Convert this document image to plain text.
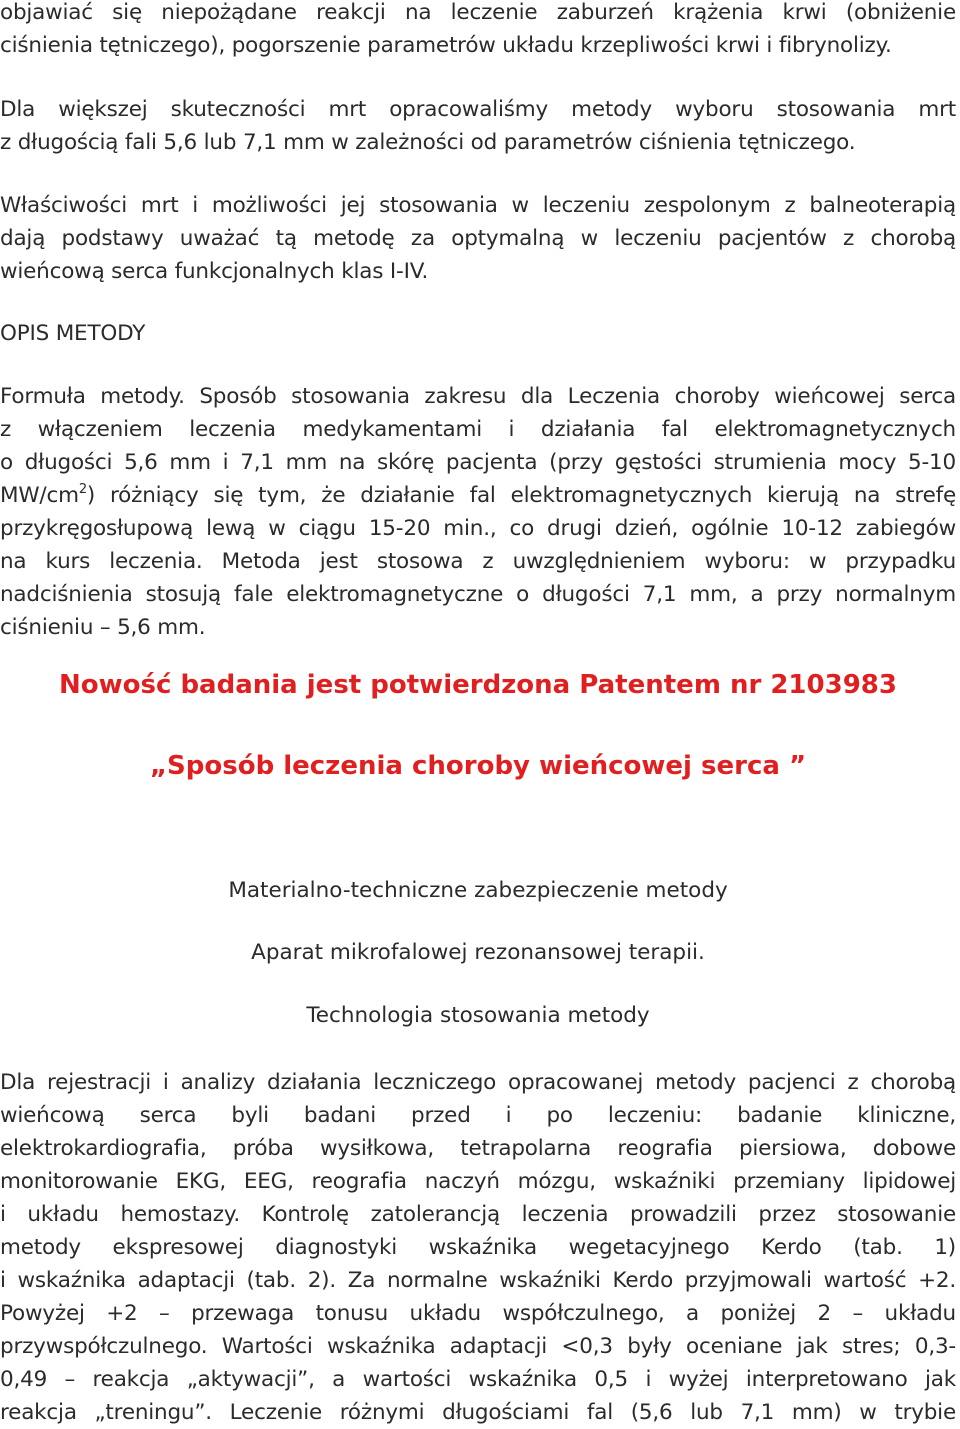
objawiać się niepożądane reakcji na leczenie zaburzeń krążenia krwi (obniżenie
ciśnienia tętniczego), pogorszenie parametrów układu krzepliwości krwi i fibrynolizy.
Dla większej skuteczności mrt opracowaliśmy metody wyboru stosowania mrt
z długością fali 5,6 lub 7,1 mm w zależności od parametrów ciśnienia tętniczego.
Właściwości mrt i możliwości jej stosowania w leczeniu zespolonym z balneoterapią
dają podstawy uważać tą metodę za optymalną w leczeniu pacjentów z chorobą
wieńcową serca funkcjonalnych klas I-IV.
OPIS METODY
Formuła metody. Sposób stosowania zakresu dla Leczenia choroby wieńcowej serca
z włączeniem leczenia medykamentami i działania fal elektromagnetycznych
o długości 5,6 mm i 7,1 mm na skórę pacjenta (przy gęstości strumienia mocy 5-10
$MW/cm^2$) różniący się tym, że działanie fal elektromagnetycznych kierują na strefę
przykręgosłupową lewą w ciągu 15-20 min., co drugi dzień, ogólnie 10-12 zabiegów
na kurs leczenia. Metoda jest stosowa z uwzględnieniem wyboru: w przypadku
nadciśnienia stosują fale elektromagnetyczne o długości 7,1 mm, a przy normalnym
ciśnieniu – 5,6 mm.
Nowość badania jest potwierdzona Patentem nr 2103983
„Sposób leczenia choroby wieńcowej serca ”
Materialno-techniczne zabezpieczenie metody
Aparat mikrofalowej rezonansowej terapii.
Technologia stosowania metody
Dla rejestracji i analizy działania leczniczego opracowanej metody pacjenci z chorobą
wieńcową serca byli badani przed i po leczeniu: badanie kliniczne,
elektrokardiografia, próba wysiłkowa, tetrapolarna reografia piersiowa, dobowe
monitorowanie EKG, EEG, reografia naczyń mózgu, wskaźniki przemiany lipidowej
i układu hemostazy. Kontrolę zatolerancją leczenia prowadzili przez stosowanie
metody ekspresowej diagnostyki wskaźnika wegetacyjnego Kerdo (tab. 1)
i wskaźnika adaptacji (tab. 2). Za normalne wskaźniki Kerdo przyjmowali wartość +2.
Powyżej +2 – przewaga tonusu układu współczulnego, a poniżej 2 – układu
przywspółczulnego. Wartości wskaźnika adaptacji <0,3 były oceniane jak stres; 0,3-
0,49 – reakcja „aktywacji”, a wartości wskaźnika 0,5 i wyżej interpretowano jak
reakcja „treningu”. Leczenie różnymi długościami fal (5,6 lub 7,1 mm) w trybie
